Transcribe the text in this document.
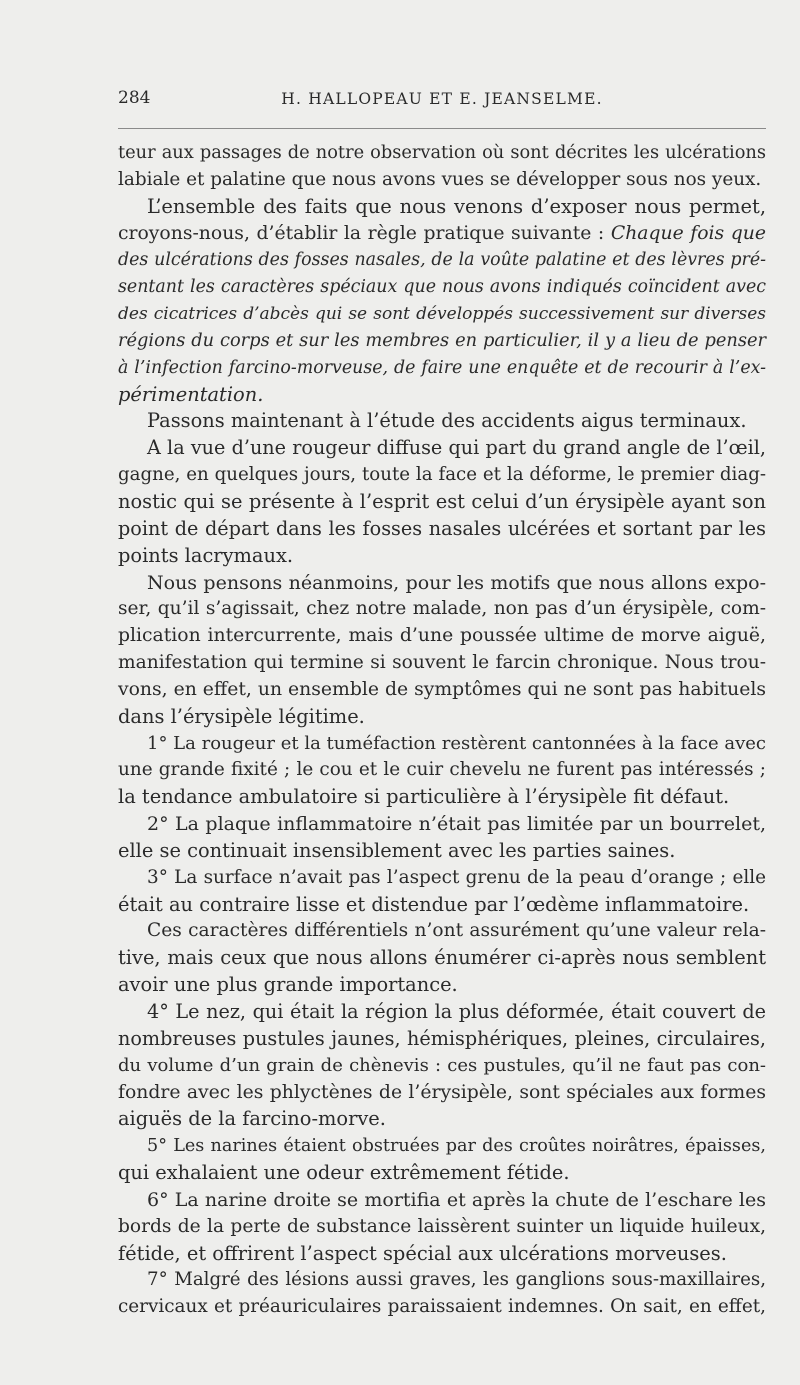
284	H. HALLOPEAU ET E. JEANSELME.
teur aux passages de notre observation où sont décrites les ulcérations
labiale et palatine que nous avons vues se développer sous nos yeux.
L’ensemble des faits que nous venons d’exposer nous permet,
croyons-nous, d’établir la règle pratique suivante : Chaque fois que
des ulcérations des fosses nasales, de la voûte palatine et des lèvres pré-
sentant les caractères spéciaux que nous avons indiqués coïncident avec
des cicatrices d’abcès qui se sont développés successivement sur diverses
régions du corps et sur les membres en particulier, il y a lieu de penser
à l’infection farcino-morveuse, de faire une enquête et de recourir à l’ex-
périmentation.
Passons maintenant à l’étude des accidents aigus terminaux.
A la vue d’une rougeur diffuse qui part du grand angle de l’œil,
gagne, en quelques jours, toute la face et la déforme, le premier diag-
nostic qui se présente à l’esprit est celui d’un érysipèle ayant son
point de départ dans les fosses nasales ulcérées et sortant par les
points lacrymaux.
Nous pensons néanmoins, pour les motifs que nous allons expo-
ser, qu’il s’agissait, chez notre malade, non pas d’un érysipèle, com-
plication intercurrente, mais d’une poussée ultime de morve aiguë,
manifestation qui termine si souvent le farcin chronique. Nous trou-
vons, en effet, un ensemble de symptômes qui ne sont pas habituels
dans l’érysipèle légitime.
1° La rougeur et la tuméfaction restèrent cantonnées à la face avec
une grande fixité ; le cou et le cuir chevelu ne furent pas intéressés ;
la tendance ambulatoire si particulière à l’érysipèle fit défaut.
2° La plaque inflammatoire n’était pas limitée par un bourrelet,
elle se continuait insensiblement avec les parties saines.
3° La surface n’avait pas l’aspect grenu de la peau d’orange ; elle
était au contraire lisse et distendue par l’œdème inflammatoire.
Ces caractères différentiels n’ont assurément qu’une valeur rela-
tive, mais ceux que nous allons énumérer ci-après nous semblent
avoir une plus grande importance.
4° Le nez, qui était la région la plus déformée, était couvert de
nombreuses pustules jaunes, hémisphériques, pleines, circulaires,
du volume d’un grain de chènevis : ces pustules, qu’il ne faut pas con-
fondre avec les phlyctènes de l’érysipèle, sont spéciales aux formes
aiguës de la farcino-morve.
5° Les narines étaient obstruées par des croûtes noirâtres, épaisses,
qui exhalaient une odeur extrêmement fétide.
6° La narine droite se mortifia et après la chute de l’eschare les
bords de la perte de substance laissèrent suinter un liquide huileux,
fétide, et offrirent l’aspect spécial aux ulcérations morveuses.
7° Malgré des lésions aussi graves, les ganglions sous-maxillaires,
cervicaux et préauriculaires paraissaient indemnes. On sait, en effet,
